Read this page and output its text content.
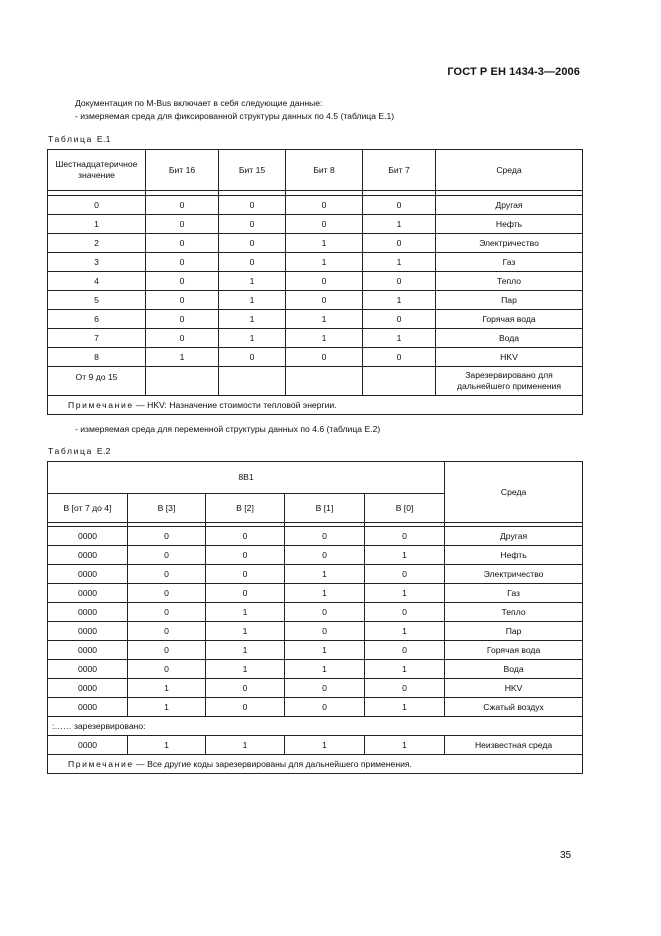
ГОСТ Р ЕН 1434-3—2006
Документация по M-Bus включает в себя следующие данные:
- измеряемая среда для фиксированной структуры данных по 4.5 (таблица Е.1)
Таблица Е.1
Шестнадцатеричное значение	Бит 16	Бит 15	Бит 8	Бит 7	Среда

0	0	0	0	0	Другая
1	0	0	0	1	Нефть
2	0	0	1	0	Электричество
3	0	0	1	1	Газ
4	0	1	0	0	Тепло
5	0	1	0	1	Пар
6	0	1	1	0	Горячая вода
7	0	1	1	1	Вода
8	1	0	0	0	HKV
От 9 до 15					Зарезервировано для дальнейшего применения
Примечание — HKV: Назначение стоимости тепловой энергии.					
- измеряемая среда для переменной структуры данных по 4.6 (таблица Е.2)
Таблица Е.2
8В1					Среда
В [от 7 до 4]	В [3]	В [2]	В [1]	В [0]	

0000	0	0	0	0	Другая
0000	0	0	0	1	Нефть
0000	0	0	1	0	Электричество
0000	0	0	1	1	Газ
0000	0	1	0	0	Тепло
0000	0	1	0	1	Пар
0000	0	1	1	0	Горячая вода
0000	0	1	1	1	Вода
0000	1	0	0	0	HKV
0000	1	0	0	1	Сжатый воздух
:…… зарезервировано:					
0000	1	1	1	1	Неизвестная среда
Примечание — Все другие коды зарезервированы для дальнейшего применения.					
35
